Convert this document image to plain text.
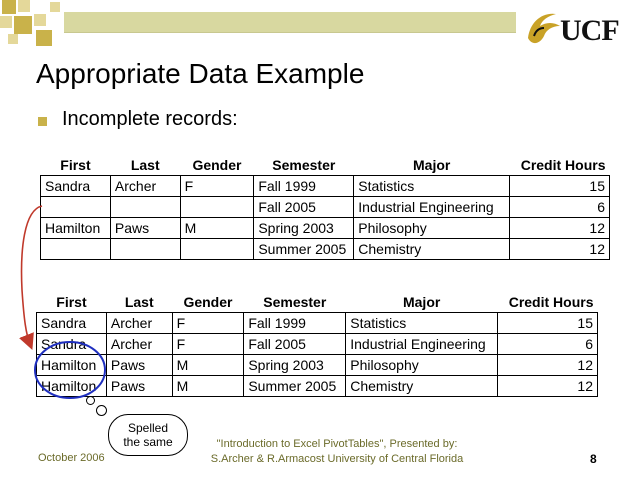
UCF
Appropriate Data Example
Incomplete records:
First	Last	Gender	Semester	Major	Credit Hours
Sandra	Archer	F	Fall 1999	Statistics	15
			Fall 2005	Industrial Engineering	6
Hamilton	Paws	M	Spring 2003	Philosophy	12
			Summer 2005	Chemistry	12
First	Last	Gender	Semester	Major	Credit Hours
Sandra	Archer	F	Fall 1999	Statistics	15
Sandra	Archer	F	Fall 2005	Industrial Engineering	6
Hamilton	Paws	M	Spring 2003	Philosophy	12
Hamilton	Paws	M	Summer 2005	Chemistry	12
Spelled
the same
October 2006
"Introduction to Excel PivotTables", Presented by:
S.Archer & R.Armacost University of Central Florida	8
